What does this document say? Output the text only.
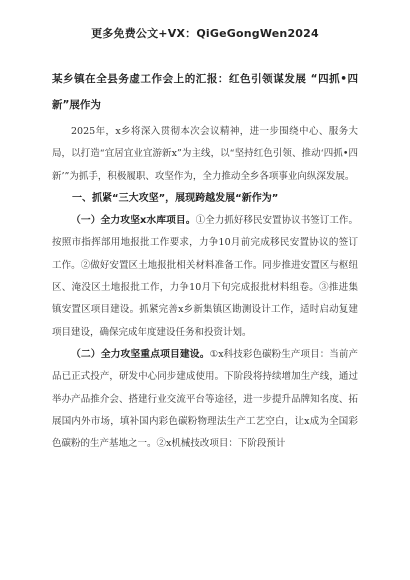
更多免费公文+VX：QiGeGongWen2024
某乡镇在全县务虚工作会上的汇报：红色引领谋发展 “四抓•四新”展作为

2025年，x乡将深入贯彻本次会议精神，进一步围绕中心、服务大局，以打造“宜居宜业宜游新x”为主线，以“坚持红色引领、推动‘四抓•四新’”为抓手，积极履职、攻坚作为，全力推动全乡各项事业向纵深发展。

一、抓紧“三大攻坚”，展现跨越发展“新作为”

（一）全力攻坚x水库项目。①全力抓好移民安置协议书签订工作。按照市指挥部用地报批工作要求，力争10月前完成移民安置协议的签订工作。②做好安置区土地报批相关材料准备工作。同步推进安置区与枢纽区、淹没区土地报批工作，力争10月下旬完成报批材料组卷。③推进集镇安置区项目建设。抓紧完善x乡新集镇区勘测设计工作，适时启动复建项目建设，确保完成年度建设任务和投资计划。

（二）全力攻坚重点项目建设。①x科技彩色碳粉生产项目：当前产品已正式投产，研发中心同步建成使用。下阶段将持续增加生产线，通过举办产品推介会、搭建行业交流平台等途径，进一步提升品牌知名度、拓展国内外市场，填补国内彩色碳粉物理法生产工艺空白，让x成为全国彩色碳粉的生产基地之一。②x机械技改项目：下阶段预计
